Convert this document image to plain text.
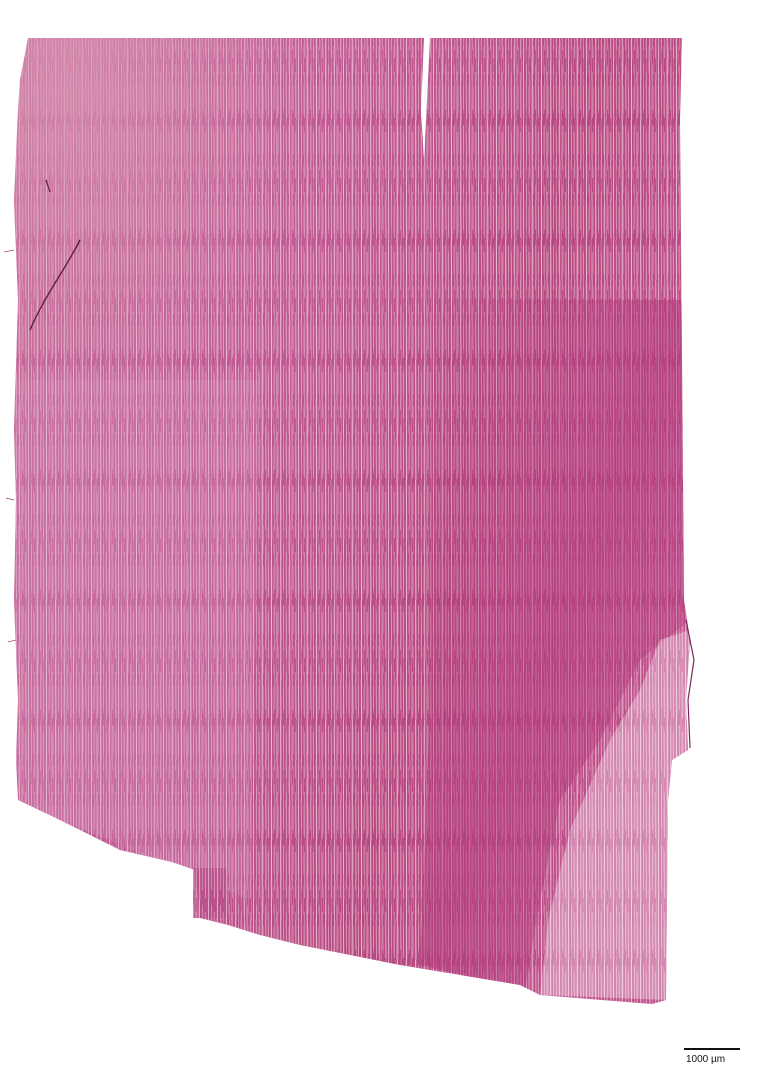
1000 µm
